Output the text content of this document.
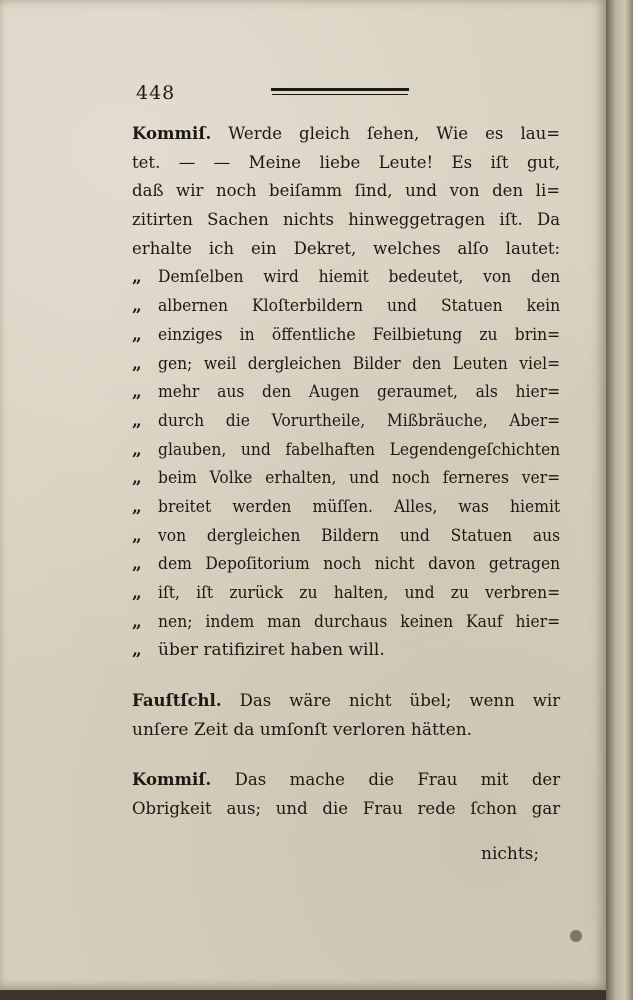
448
Kommiſ. Werde gleich ſehen, Wie es lau=
tet. — — Meine liebe Leute! Es iſt gut,
daß wir noch beiſamm ſind, und von den li=
zitirten Sachen nichts hinweggetragen iſt. Da
erhalte ich ein Dekret, welches alſo lautet:
„ Demſelben wird hiemit bedeutet, von den
„ albernen Kloſterbildern und Statuen kein
„ einziges in öffentliche Feilbietung zu brin=
„ gen; weil dergleichen Bilder den Leuten viel=
„ mehr aus den Augen geraumet, als hier=
„ durch die Vorurtheile, Mißbräuche, Aber=
„ glauben, und fabelhaften Legendengeſchichten
„ beim Volke erhalten, und noch ferneres ver=
„ breitet werden müſſen. Alles, was hiemit
„ von dergleichen Bildern und Statuen aus
„ dem Depoſitorium noch nicht davon getragen
„ iſt, iſt zurück zu halten, und zu verbren=
„ nen; indem man durchaus keinen Kauf hier=
„ über ratifiziret haben will.
Fauſtſchl. Das wäre nicht übel; wenn wir
unſere Zeit da umſonſt verloren hätten.
Kommiſ. Das mache die Frau mit der
Obrigkeit aus; und die Frau rede ſchon gar
nichts;
